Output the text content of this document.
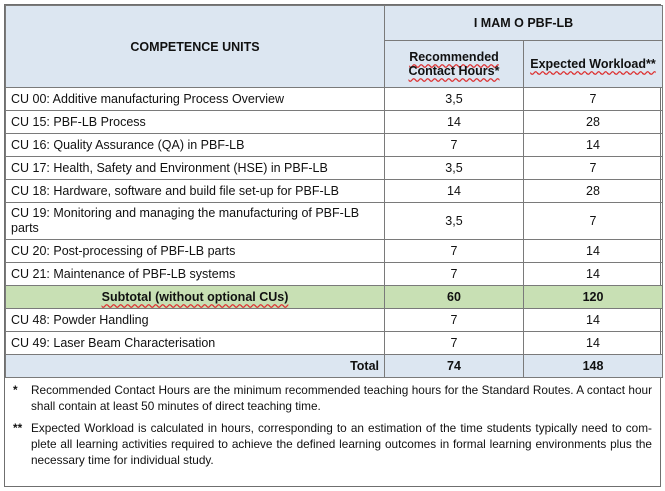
COMPETENCE UNITS	I MAM O PBF-LB	
	Recommended Contact Hours*	Expected Workload**
CU 00: Additive manufacturing Process Overview	3,5	7
CU 15: PBF-LB Process	14	28
CU 16: Quality Assurance (QA) in PBF-LB	7	14
CU 17: Health, Safety and Environment (HSE) in PBF-LB	3,5	7
CU 18: Hardware, software and build file set-up for PBF-LB	14	28
CU 19: Monitoring and managing the manufacturing of PBF-LB parts	3,5	7
CU 20: Post-processing of PBF-LB parts	7	14
CU 21: Maintenance of PBF-LB systems	7	14
Subtotal (without optional CUs)	60	120
CU 48: Powder Handling	7	14
CU 49: Laser Beam Characterisation	7	14
Total	74	148
*	Recommended Contact Hours are the minimum recommended teaching hours for the Standard Routes. A contact hour shall contain at least 50 minutes of direct teaching time.
** Expected Workload is calculated in hours, corresponding to an estimation of the time students typically need to com- plete all learning activities required to achieve the defined learning outcomes in formal learning environments plus the necessary time for individual study.
